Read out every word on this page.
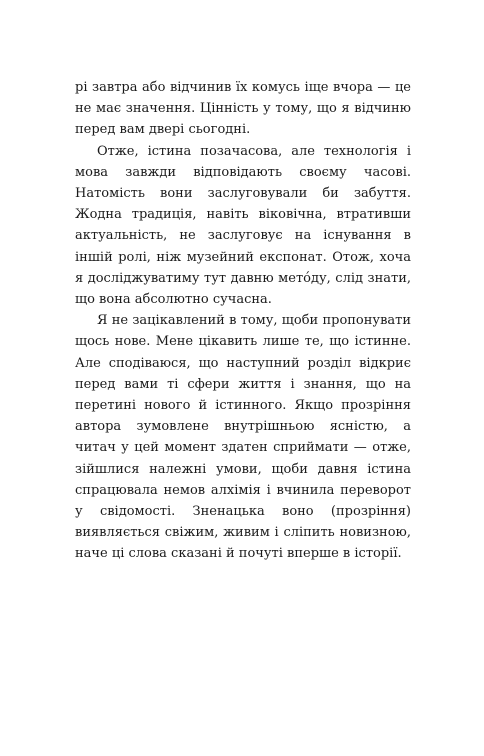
рі завтра або відчинив їх комусь іще вчора — це не має значення. Цінність у тому, що я відчиню перед вам двері сьогодні.

Отже, істина позачасова, але технологія і мова завжди відповідають своєму часові. Натомість вони заслуговували би забуття. Жодна традиція, навіть віковічна, втративши актуальність, не заслуговує на існування в іншій ролі, ніж музейний експонат. Отож, хоча я досліджуватиму тут давню метóду, слід знати, що вона абсолютно сучасна.

Я не зацікавлений в тому, щоби пропонувати щось нове. Мене цікавить лише те, що істинне. Але сподіваюся, що наступний розділ відкриє перед вами ті сфери життя і знання, що на перетині нового й істинного. Якщо прозріння автора зумовлене внутрішньою ясністю, а читач у цей момент здатен сприймати — отже, зійшлися належні умови, щоби давня істина спрацювала немов алхімія і вчинила переворот у свідомості. Зненацька воно (прозріння) виявляється свіжим, живим і сліпить новизною, наче ці слова сказані й почуті вперше в історії.
